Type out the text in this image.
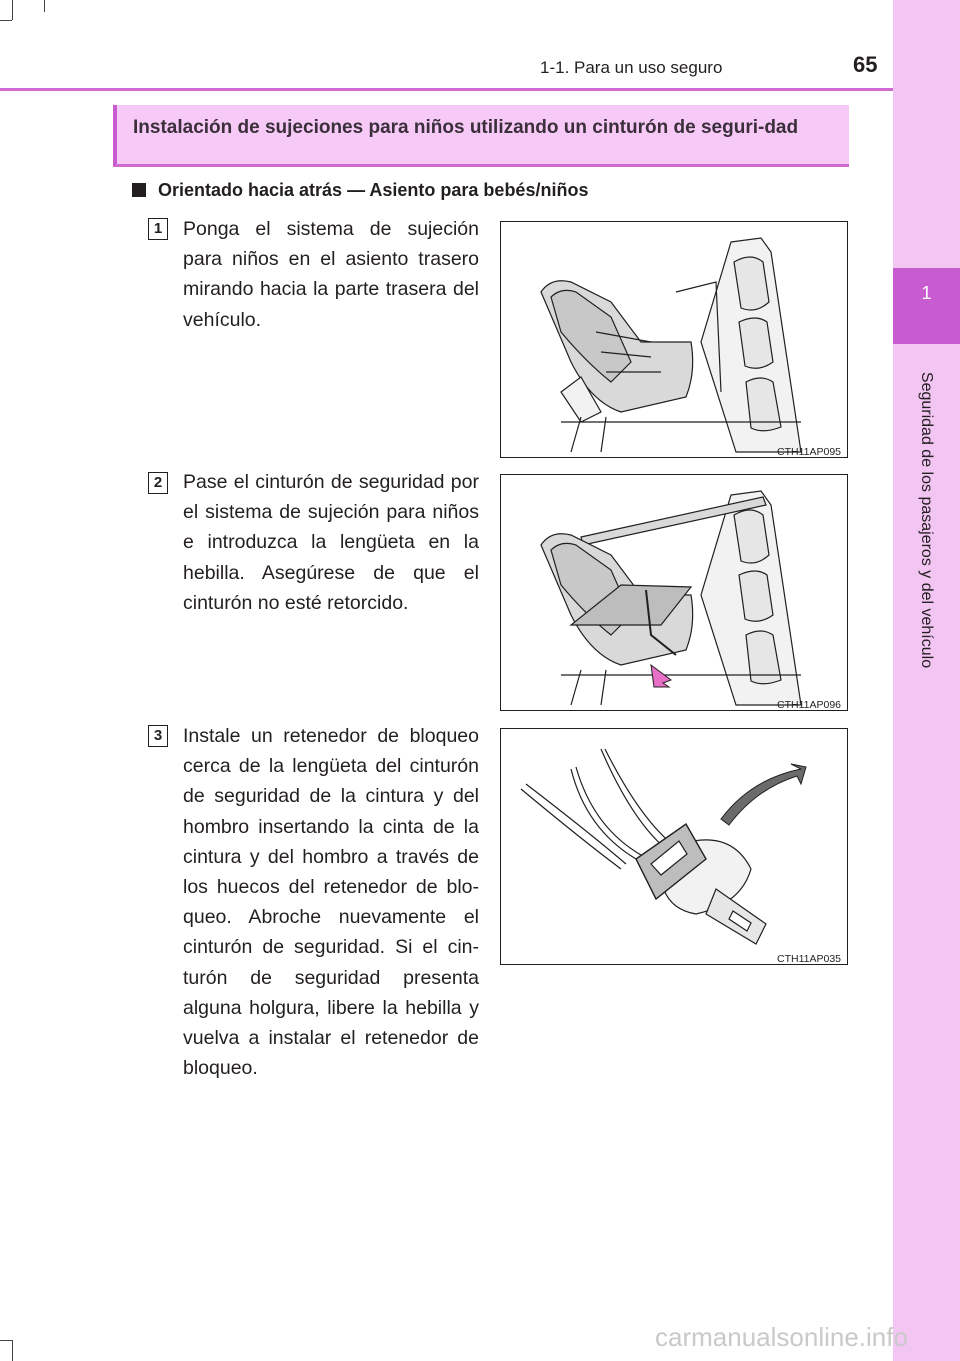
1-1. Para un uso seguro	65
1
Seguridad de los pasajeros y del vehículo
Instalación de sujeciones para niños utilizando un cinturón de seguri-dad
Orientado hacia atrás — Asiento para bebés/niños
1 Ponga el sistema de sujeción para niños en el asiento trasero mirando hacia la parte trasera del vehículo.
CTH11AP095
2 Pase el cinturón de seguridad por el sistema de sujeción para niños e introduzca la lengüeta en la hebilla. Asegúrese de que el cinturón no esté retorcido.
CTH11AP096
3 Instale un retenedor de bloqueo cerca de la lengüeta del cinturón de seguridad de la cintura y del hombro insertando la cinta de la cintura y del hombro a través de los huecos del retenedor de blo-queo. Abroche nuevamente el cinturón de seguridad. Si el cin-turón de seguridad presenta alguna holgura, libere la hebilla y vuelva a instalar el retenedor de bloqueo.
CTH11AP035
carmanualsonline.info
